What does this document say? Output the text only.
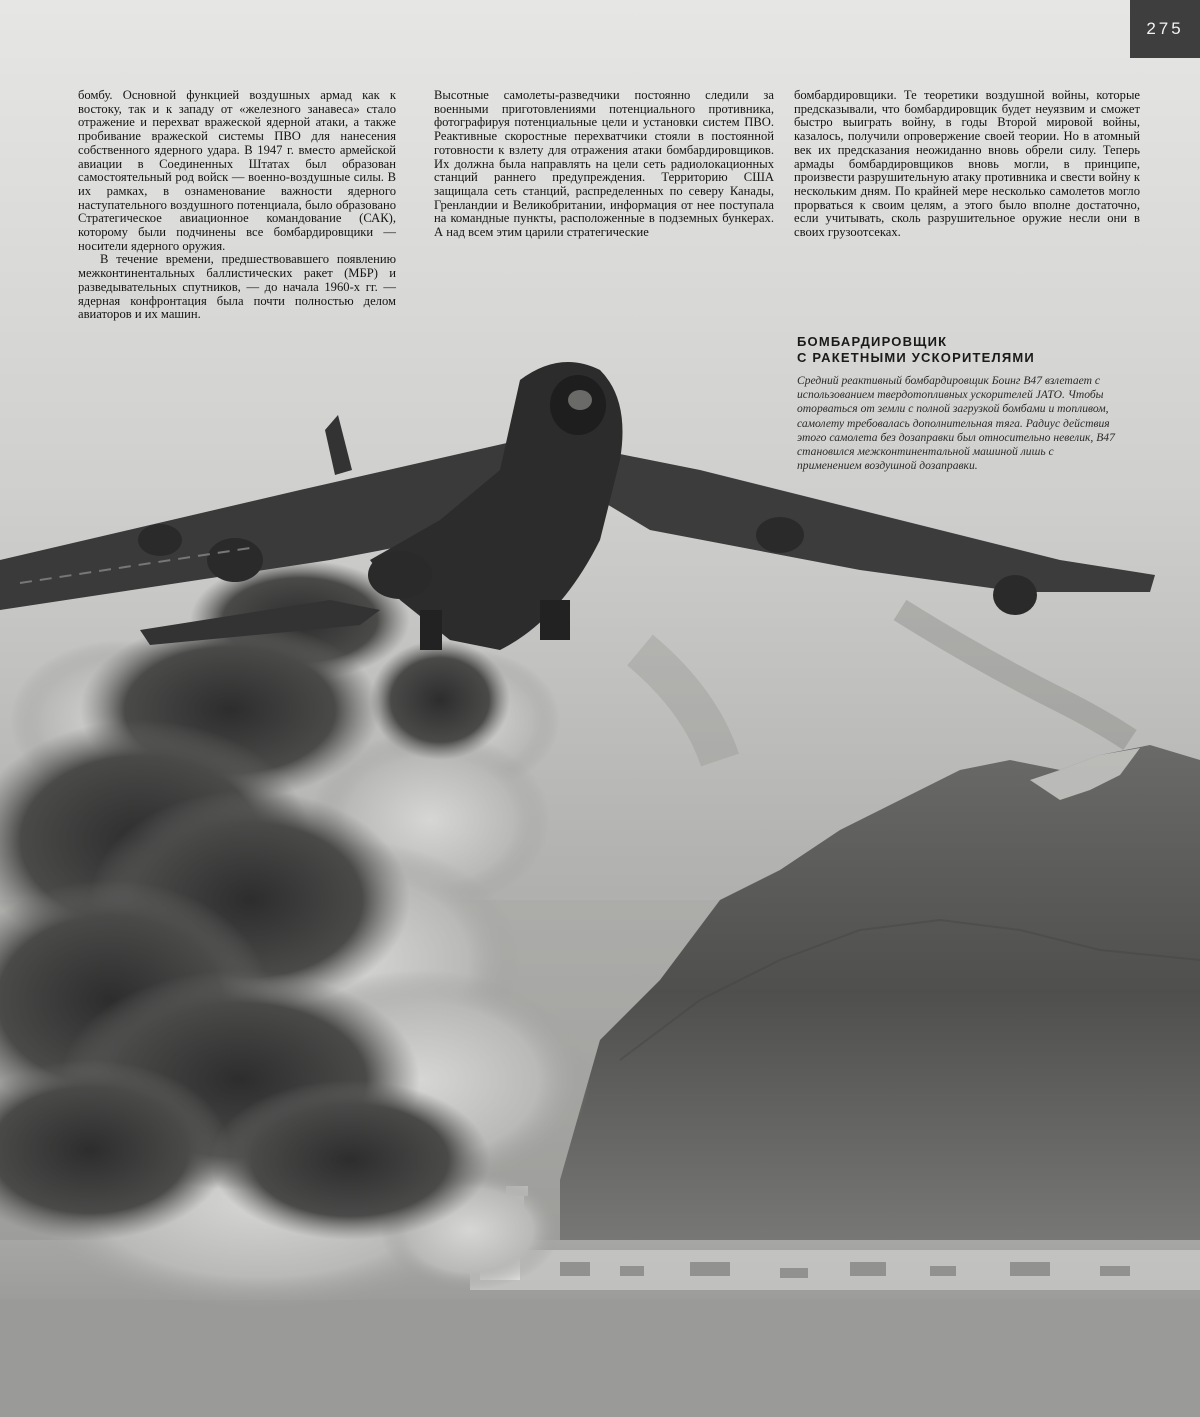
275

бомбу. Основной функцией воздушных армад как к востоку, так и к западу от «железного занавеса» стало отражение и перехват вражеской ядерной атаки, а также пробивание вражеской системы ПВО для нанесения собственного ядерного удара. В 1947 г. вместо армейской авиации в Соединенных Штатах был образован самостоятельный род войск — военно-воздушные силы. В их рамках, в ознаменование важности ядерного наступательного воздушного потенциала, было образовано Стратегическое авиационное командование (САК), которому были подчинены все бомбардировщики — носители ядерного оружия.

В течение времени, предшествовавшего появлению межконтинентальных баллистических ракет (МБР) и разведывательных спутников, — до начала 1960-х гг. — ядерная конфронтация была почти полностью делом авиаторов и их машин.

Высотные самолеты-разведчики постоянно следили за военными приготовлениями потенциального противника, фотографируя потенциальные цели и установки систем ПВО. Реактивные скоростные перехватчики стояли в постоянной готовности к взлету для отражения атаки бомбардировщиков. Их должна была направлять на цели сеть радиолокационных станций раннего предупреждения. Территорию США защищала сеть станций, распределенных по северу Канады, Гренландии и Великобритании, информация от нее поступала на командные пункты, расположенные в подземных бункерах. А над всем этим царили стратегические

бомбардировщики. Те теоретики воздушной войны, которые предсказывали, что бомбардировщик будет неуязвим и сможет быстро выиграть войну, в годы Второй мировой войны, казалось, получили опровержение своей теории. Но в атомный век их предсказания неожиданно вновь обрели силу. Теперь армады бомбардировщиков вновь могли, в принципе, произвести разрушительную атаку противника и свести войну к нескольким дням. По крайней мере несколько самолетов могло прорваться к своим целям, а этого было вполне достаточно, если учитывать, сколь разрушительное оружие несли они в своих грузоотсеках.

БОМБАРДИРОВЩИК
С РАКЕТНЫМИ УСКОРИТЕЛЯМИ

Средний реактивный бомбардировщик Боинг B47 взлетает с использованием твердотопливных ускорителей JATO. Чтобы оторваться от земли с полной загрузкой бомбами и топливом, самолету требовалась дополнительная тяга. Радиус действия этого самолета без дозаправки был относительно невелик, B47 становился межконтинентальной машиной лишь с применением воздушной дозаправки.
